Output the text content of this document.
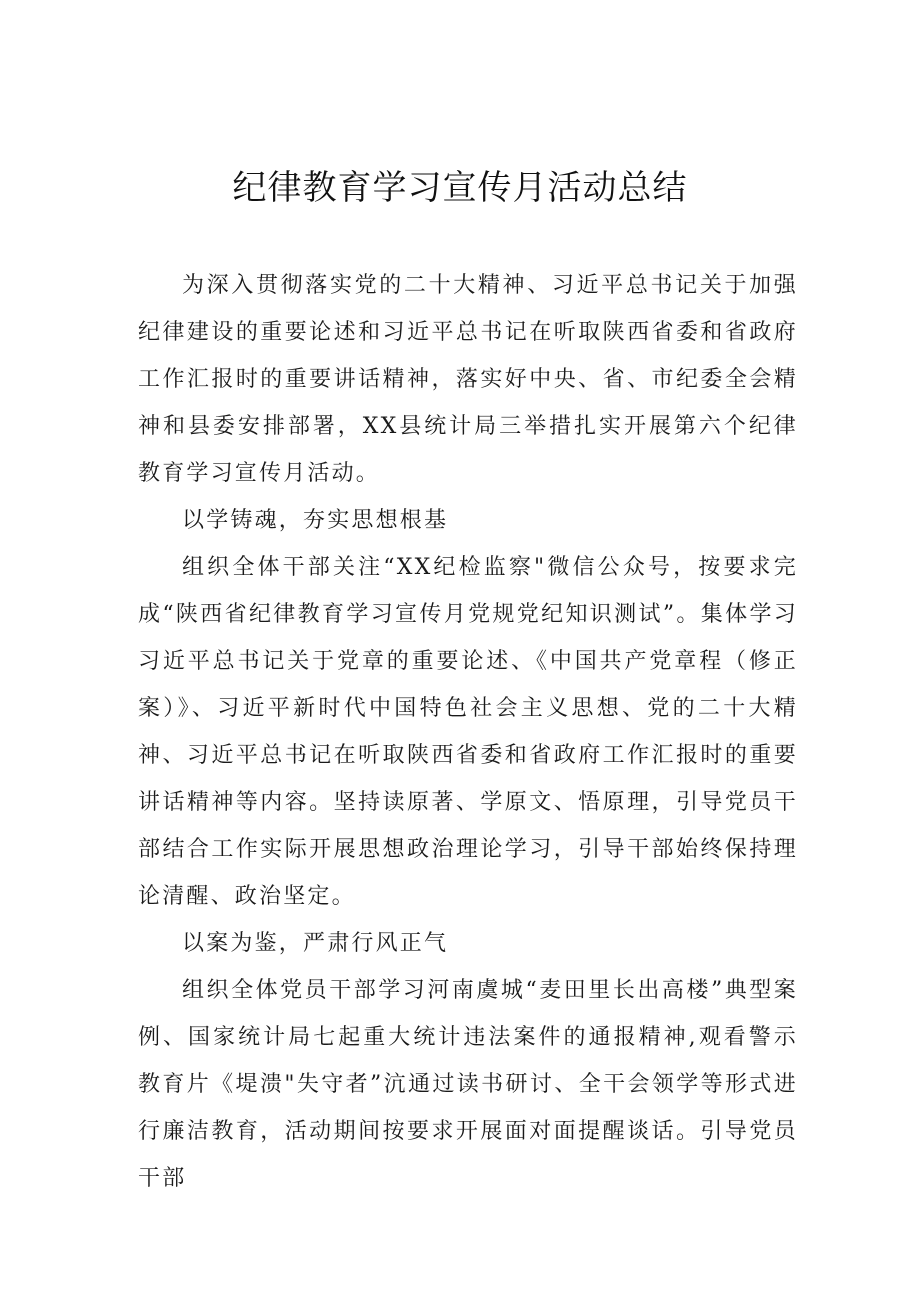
纪律教育学习宣传月活动总结

为深入贯彻落实党的二十大精神、习近平总书记关于加强纪律建设的重要论述和习近平总书记在听取陕西省委和省政府工作汇报时的重要讲话精神，落实好中央、省、市纪委全会精神和县委安排部署，XX县统计局三举措扎实开展第六个纪律教育学习宣传月活动。

以学铸魂，夯实思想根基

组织全体干部关注“XX纪检监察"微信公众号，按要求完成“陕西省纪律教育学习宣传月党规党纪知识测试”。集体学习习近平总书记关于党章的重要论述、《中国共产党章程（修正案）》、习近平新时代中国特色社会主义思想、党的二十大精神、习近平总书记在听取陕西省委和省政府工作汇报时的重要讲话精神等内容。坚持读原著、学原文、悟原理，引导党员干部结合工作实际开展思想政治理论学习，引导干部始终保持理论清醒、政治坚定。

以案为鉴，严肃行风正气

组织全体党员干部学习河南虞城“麦田里长出高楼”典型案例、国家统计局七起重大统计违法案件的通报精神,观看警示教育片《堤溃"失守者”沆通过读书研讨、全干会领学等形式进行廉洁教育，活动期间按要求开展面对面提醒谈话。引导党员干部
